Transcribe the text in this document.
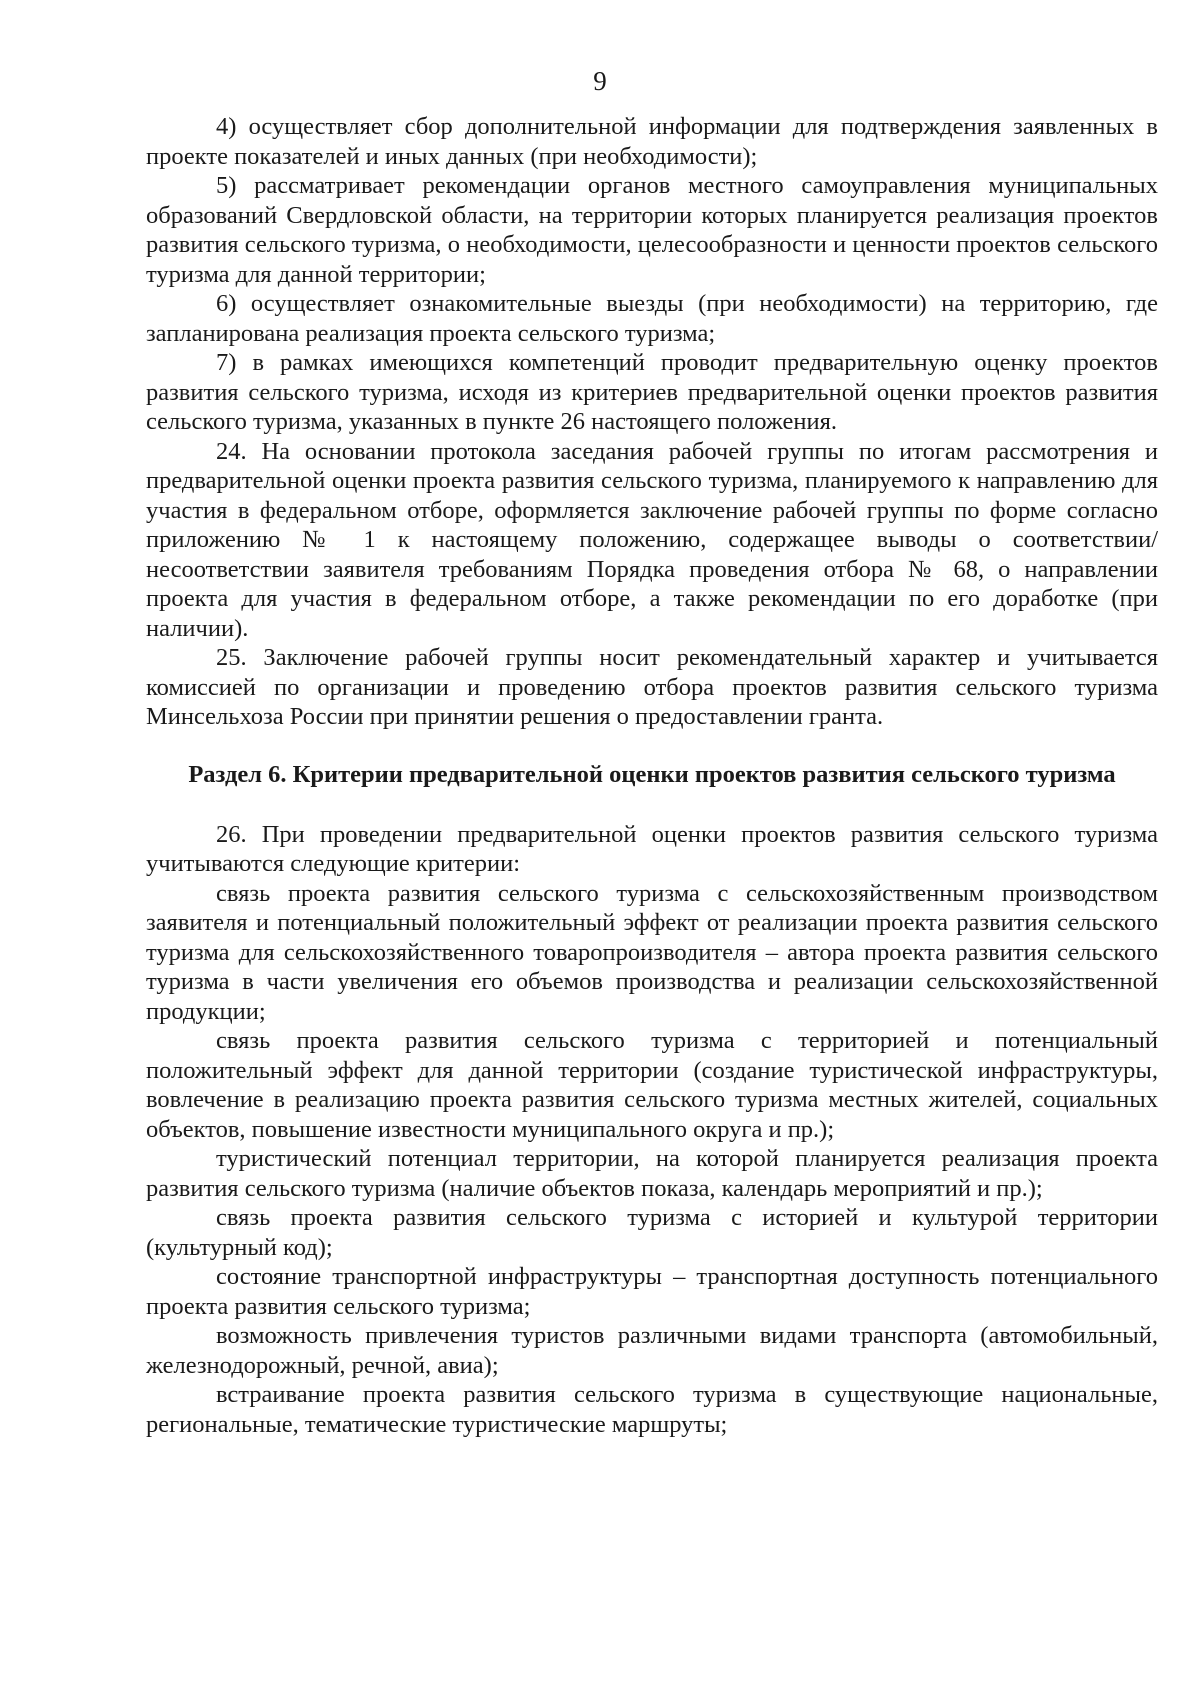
9

4) осуществляет сбор дополнительной информации для подтверждения заявленных в проекте показателей и иных данных (при необходимости);

5) рассматривает рекомендации органов местного самоуправления муниципальных образований Свердловской области, на территории которых планируется реализация проектов развития сельского туризма, о необходимости, целесообразности и ценности проектов сельского туризма для данной территории;

6) осуществляет ознакомительные выезды (при необходимости) на территорию, где запланирована реализация проекта сельского туризма;

7) в рамках имеющихся компетенций проводит предварительную оценку проектов развития сельского туризма, исходя из критериев предварительной оценки проектов развития сельского туризма, указанных в пункте 26 настоящего положения.

24. На основании протокола заседания рабочей группы по итогам рассмотрения и предварительной оценки проекта развития сельского туризма, планируемого к направлению для участия в федеральном отборе, оформляется заключение рабочей группы по форме согласно приложению № 1 к настоящему положению, содержащее выводы о соответствии/несоответствии заявителя требованиям Порядка проведения отбора № 68, о направлении проекта для участия в федеральном отборе, а также рекомендации по его доработке (при наличии).

25. Заключение рабочей группы носит рекомендательный характер и учитывается комиссией по организации и проведению отбора проектов развития сельского туризма Минсельхоза России при принятии решения о предоставлении гранта.

Раздел 6. Критерии предварительной оценки проектов развития сельского туризма

26. При проведении предварительной оценки проектов развития сельского туризма учитываются следующие критерии:

связь проекта развития сельского туризма с сельскохозяйственным производством заявителя и потенциальный положительный эффект от реализации проекта развития сельского туризма для сельскохозяйственного товаропроизводителя – автора проекта развития сельского туризма в части увеличения его объемов производства и реализации сельскохозяйственной продукции;

связь проекта развития сельского туризма с территорией и потенциальный положительный эффект для данной территории (создание туристической инфраструктуры, вовлечение в реализацию проекта развития сельского туризма местных жителей, социальных объектов, повышение известности муниципального округа и пр.);

туристический потенциал территории, на которой планируется реализация проекта развития сельского туризма (наличие объектов показа, календарь мероприятий и пр.);

связь проекта развития сельского туризма с историей и культурой территории (культурный код);

состояние транспортной инфраструктуры – транспортная доступность потенциального проекта развития сельского туризма;

возможность привлечения туристов различными видами транспорта (автомобильный, железнодорожный, речной, авиа);

встраивание проекта развития сельского туризма в существующие национальные, региональные, тематические туристические маршруты;
